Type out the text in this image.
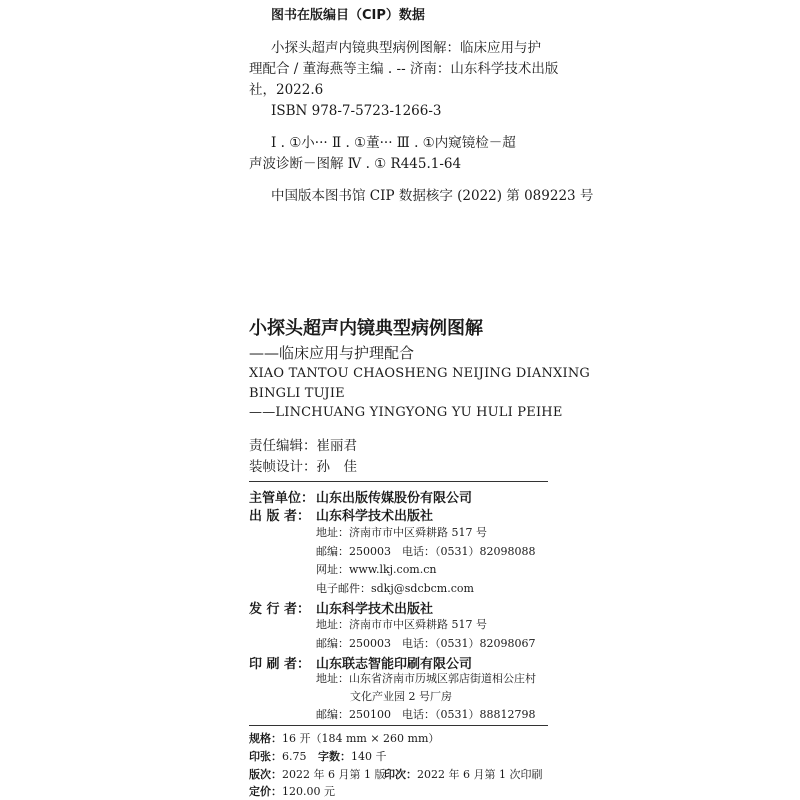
图书在版编目（CIP）数据
小探头超声内镜典型病例图解：临床应用与护
理配合 / 董海燕等主编 . -- 济南：山东科学技术出版
社，2022.6
ISBN 978-7-5723-1266-3
Ⅰ . ①小··· Ⅱ . ①董··· Ⅲ . ①内窥镜检－超
声波诊断－图解 Ⅳ . ① R445.1-64
中国版本图书馆 CIP 数据核字 (2022) 第 089223 号
小探头超声内镜典型病例图解
——临床应用与护理配合
XIAO TANTOU CHAOSHENG NEIJING DIANXING
BINGLI TUJIE
——LINCHUANG YINGYONG YU HULI PEIHE
责任编辑：崔丽君
装帧设计：孙　佳
主管单位： 山东出版传媒股份有限公司
出 版 者： 山东科学技术出版社
地址：济南市市中区舜耕路 517 号
邮编：250003　电话：（0531）82098088
网址：www.lkj.com.cn
电子邮件：sdkj@sdcbcm.com
发 行 者： 山东科学技术出版社
地址：济南市市中区舜耕路 517 号
邮编：250003　电话：（0531）82098067
印 刷 者： 山东联志智能印刷有限公司
地址：山东省济南市历城区郭店街道相公庄村
文化产业园 2 号厂房
邮编：250100　电话：（0531）88812798
规格：16 开（184 mm × 260 mm）
印张：6.75 字数：140 千
版次：2022 年 6 月第 1 版
印次：2022 年 6 月第 1 次印刷
定价：120.00 元
